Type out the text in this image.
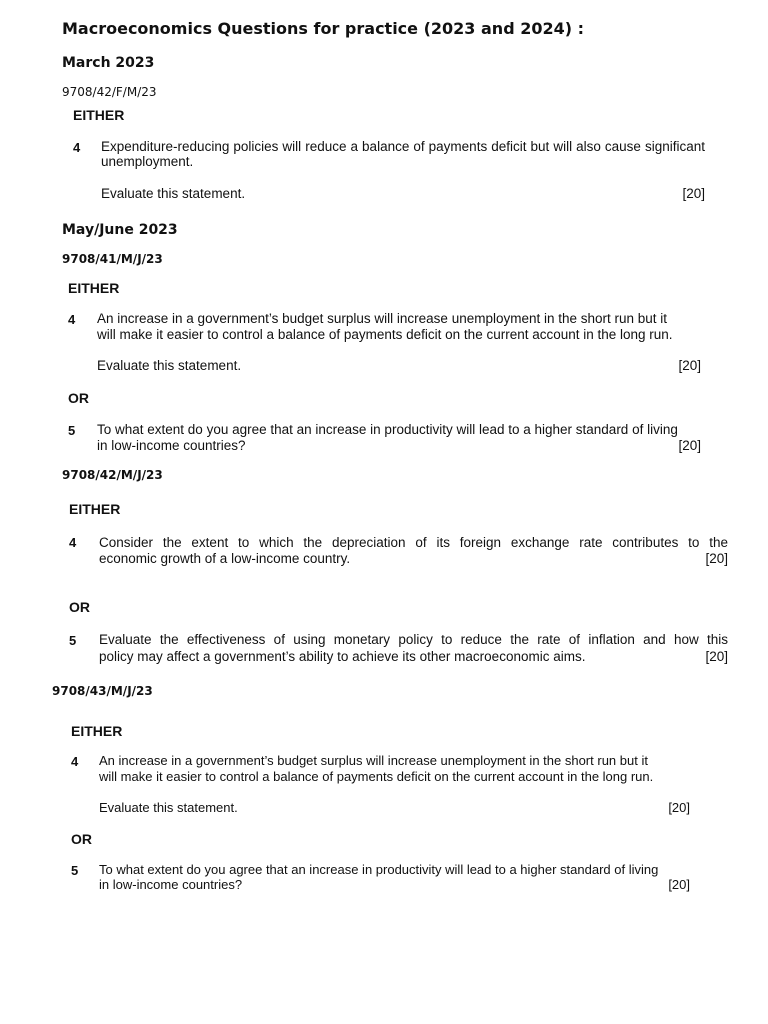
Macroeconomics Questions for practice (2023 and 2024) :
March 2023
9708/42/F/M/23
EITHER
4 Expenditure-reducing policies will reduce a balance of payments deficit but will also cause significant unemployment.
Evaluate this statement.	[20]
May/June 2023
9708/41/M/J/23
EITHER
4 An increase in a government’s budget surplus will increase unemployment in the short run but it
will make it easier to control a balance of payments deficit on the current account in the long run.
Evaluate this statement.	[20]
OR
5 To what extent do you agree that an increase in productivity will lead to a higher standard of living
in low-income countries?	[20]
9708/42/M/J/23
EITHER
4 Consider the extent to which the depreciation of its foreign exchange rate contributes to the
economic growth of a low-income country.	[20]
OR
5 Evaluate the effectiveness of using monetary policy to reduce the rate of inflation and how this
policy may affect a government’s ability to achieve its other macroeconomic aims.	[20]
9708/43/M/J/23
EITHER
4 An increase in a government’s budget surplus will increase unemployment in the short run but it
will make it easier to control a balance of payments deficit on the current account in the long run.
Evaluate this statement.	[20]
OR
5 To what extent do you agree that an increase in productivity will lead to a higher standard of living
in low-income countries?	[20]
